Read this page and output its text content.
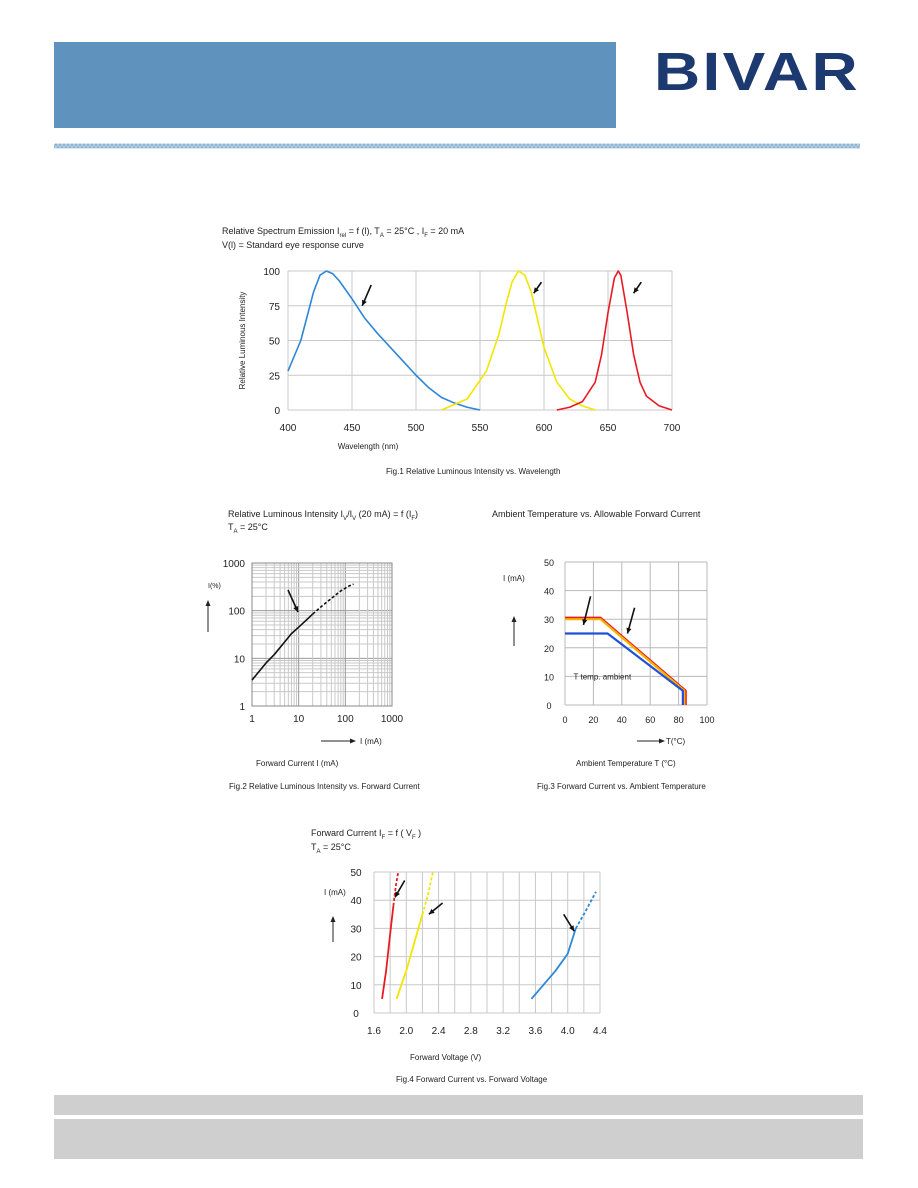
BIVAR
Relative Spectrum Emission $I_{rel} = f$ (l), $T_A = 25^\circ C$ , $I_F = 20$ mA
V(l) = Standard eye response curve
400	450	500	550	600	650	700
0
25
50
75
100
Relative Luminous Intensity
Wavelength (nm)
Fig.1 Relative Luminous Intensity vs. Wavelength
Relative Luminous Intensity $I_V/I_V$ (20 mA) = f $(I_F)$
$T_A = 25^\circ C$
1	10	100	1000
1
10
100
1000
I(%)
I (mA)
Forward Current I (mA)
Fig.2 Relative Luminous Intensity vs. Forward Current
Ambient Temperature vs. Allowable Forward Current
0 20 40 60 80 100
0
10
20
30
40
50
I (mA)
T(°C)
Ambient Temperature T (°C)
T temp. ambient
Fig.3 Forward Current vs. Ambient Temperature
Forward Current $I_F = f$ ( $V_F$ )
$T_A = 25^\circ C$
0
10
20
30
40
50
1.6 2.0 2.4 2.8 3.2 3.6 4.0 4.4
I (mA)
Forward Voltage (V)
Fig.4 Forward Current vs. Forward Voltage
